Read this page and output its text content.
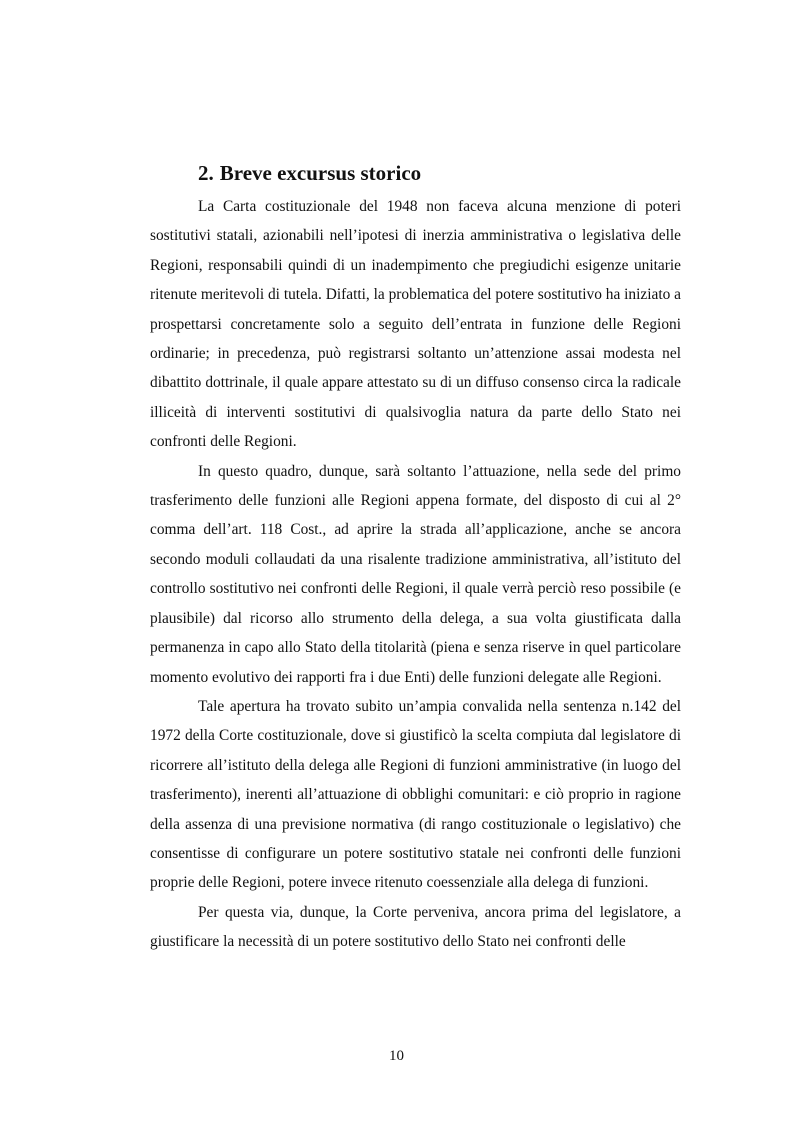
2. Breve excursus storico

La Carta costituzionale del 1948 non faceva alcuna menzione di poteri sostitutivi statali, azionabili nell’ipotesi di inerzia amministrativa o legislativa delle Regioni, responsabili quindi di un inadempimento che pregiudichi esigenze unitarie ritenute meritevoli di tutela. Difatti, la problematica del potere sostitutivo ha iniziato a prospettarsi concretamente solo a seguito dell’entrata in funzione delle Regioni ordinarie; in precedenza, può registrarsi soltanto un’attenzione assai modesta nel dibattito dottrinale, il quale appare attestato su di un diffuso consenso circa la radicale illiceità di interventi sostitutivi di qualsivoglia natura da parte dello Stato nei confronti delle Regioni.

In questo quadro, dunque, sarà soltanto l’attuazione, nella sede del primo trasferimento delle funzioni alle Regioni appena formate, del disposto di cui al 2° comma dell’art. 118 Cost., ad aprire la strada all’applicazione, anche se ancora secondo moduli collaudati da una risalente tradizione amministrativa, all’istituto del controllo sostitutivo nei confronti delle Regioni, il quale verrà perciò reso possibile (e plausibile) dal ricorso allo strumento della delega, a sua volta giustificata dalla permanenza in capo allo Stato della titolarità (piena e senza riserve in quel particolare momento evolutivo dei rapporti fra i due Enti) delle funzioni delegate alle Regioni.

Tale apertura ha trovato subito un’ampia convalida nella sentenza n.142 del 1972 della Corte costituzionale, dove si giustificò la scelta compiuta dal legislatore di ricorrere all’istituto della delega alle Regioni di funzioni amministrative (in luogo del trasferimento), inerenti all’attuazione di obblighi comunitari: e ciò proprio in ragione della assenza di una previsione normativa (di rango costituzionale o legislativo) che consentisse di configurare un potere sostitutivo statale nei confronti delle funzioni proprie delle Regioni, potere invece ritenuto coessenziale alla delega di funzioni.

Per questa via, dunque, la Corte perveniva, ancora prima del legislatore, a giustificare la necessità di un potere sostitutivo dello Stato nei confronti delle

10
